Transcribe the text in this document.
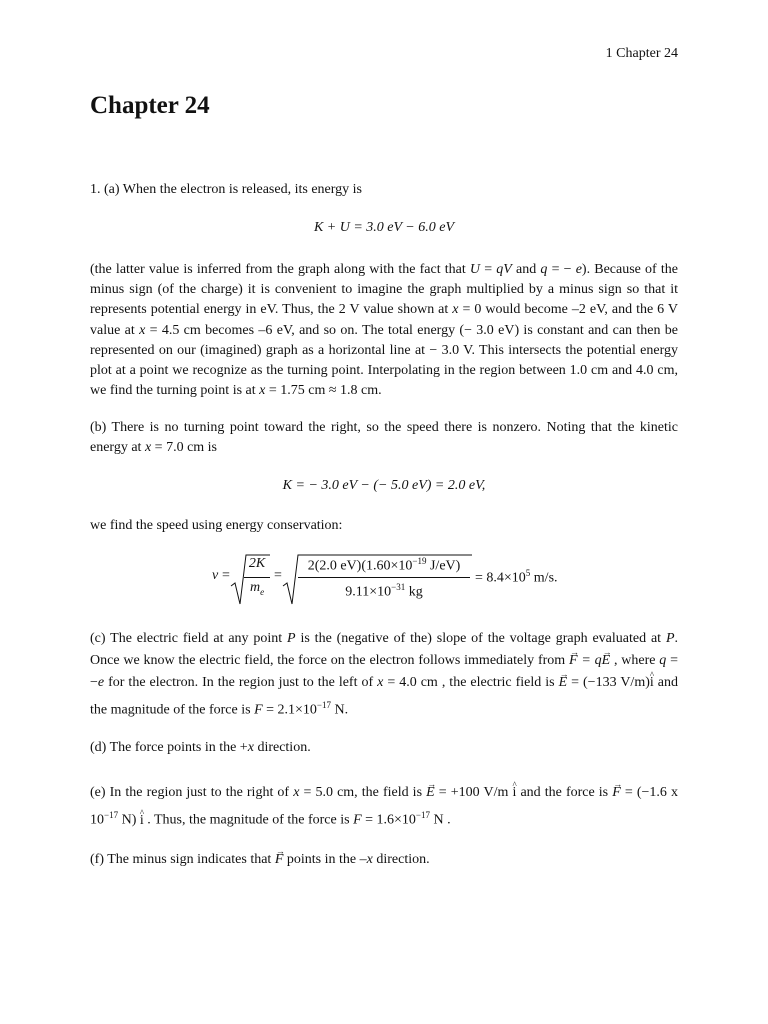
1 Chapter 24
Chapter 24

1. (a) When the electron is released, its energy is

K + U = 3.0 eV − 6.0 eV

(the latter value is inferred from the graph along with the fact that U = qV and q = − e). Because of the minus sign (of the charge) it is convenient to imagine the graph multiplied by a minus sign so that it represents potential energy in eV. Thus, the 2 V value shown at x = 0 would become –2 eV, and the 6 V value at x = 4.5 cm becomes –6 eV, and so on. The total energy (− 3.0 eV) is constant and can then be represented on our (imagined) graph as a horizontal line at − 3.0 V. This intersects the potential energy plot at a point we recognize as the turning point. Interpolating in the region between 1.0 cm and 4.0 cm, we find the turning point is at x = 1.75 cm ≈ 1.8 cm.

(b) There is no turning point toward the right, so the speed there is nonzero. Noting that the kinetic energy at x = 7.0 cm is

K = − 3.0 eV − (− 5.0 eV) = 2.0 eV,

we find the speed using energy conservation:

v =
2K
$m_e$
=
2(2.0 $eV)(1.60\times 10^{-19}$ J/eV)
$9.11\times 10^{-31}$ kg
= $8.4\times 10^5$ m/s.

(c) The electric field at any point P is the (negative of the) slope of the voltage graph evaluated at P. Once we know the electric field, the force on the electron follows immediately from → F = q→ E , where q = −e for the electron. In the region just to the left of x = 4.0 cm , the electric field is → E = (−133 V/m)^ i and the magnitude of the force is $F = 2.1\times 10^{-17}$ N.

(d) The force points in the +x direction.

(e) In the region just to the right of x = 5.0 cm, the field is → E = +100 V/m ^ i and the force is → F = (−1.6 x $10^{-17}$ N) ^ i . Thus, the magnitude of the force is $F = 1.6\times 10^{-17}$ N .

(f) The minus sign indicates that → F points in the –x direction.
